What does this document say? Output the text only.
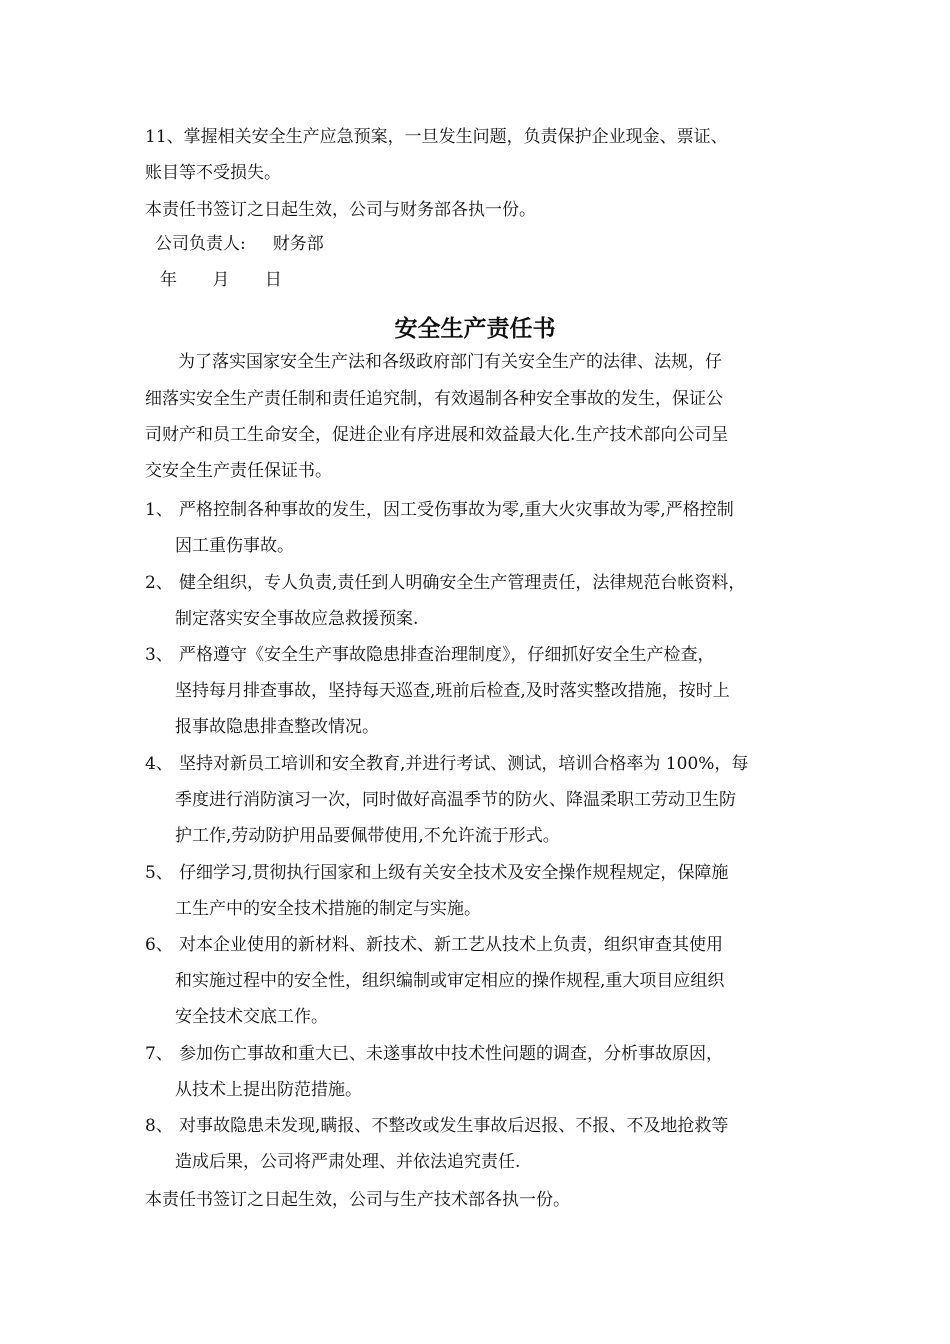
11、掌握相关安全生产应急预案，一旦发生问题，负责保护企业现金、票证、
账目等不受损失。
本责任书签订之日起生效，公司与财务部各执一份。
公司负责人:     财务部
年 月 日
安全生产责任书
为了落实国家安全生产法和各级政府部门有关安全生产的法律、法规，仔
细落实安全生产责任制和责任追究制，有效遏制各种安全事故的发生，保证公
司财产和员工生命安全，促进企业有序进展和效益最大化.生产技术部向公司呈
交安全生产责任保证书。
1、 严格控制各种事故的发生，因工受伤事故为零,重大火灾事故为零,严格控制
因工重伤事故。
2、 健全组织，专人负责,责任到人明确安全生产管理责任，法律规范台帐资料，
制定落实安全事故应急救援预案.
3、 严格遵守《安全生产事故隐患排查治理制度》，仔细抓好安全生产检查，
坚持每月排查事故，坚持每天巡查,班前后检查,及时落实整改措施，按时上
报事故隐患排查整改情况。
4、 坚持对新员工培训和安全教育,并进行考试、测试，培训合格率为 100%，每
季度进行消防演习一次，同时做好高温季节的防火、降温柔职工劳动卫生防
护工作,劳动防护用品要佩带使用,不允许流于形式。
5、 仔细学习,贯彻执行国家和上级有关安全技术及安全操作规程规定，保障施
工生产中的安全技术措施的制定与实施。
6、 对本企业使用的新材料、新技术、新工艺从技术上负责，组织审查其使用
和实施过程中的安全性，组织编制或审定相应的操作规程,重大项目应组织
安全技术交底工作。
7、 参加伤亡事故和重大已、未遂事故中技术性问题的调查，分析事故原因，
从技术上提出防范措施。
8、 对事故隐患未发现,瞒报、不整改或发生事故后迟报、不报、不及地抢救等
造成后果，公司将严肃处理、并依法追究责任.
本责任书签订之日起生效，公司与生产技术部各执一份。
